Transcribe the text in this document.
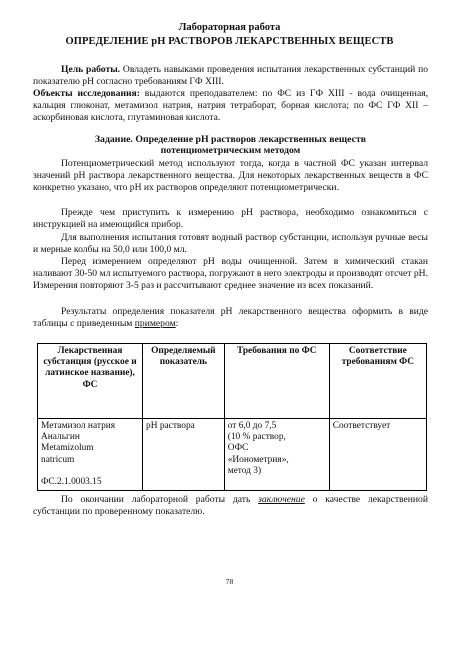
Лабораторная работа
ОПРЕДЕЛЕНИЕ рН РАСТВОРОВ ЛЕКАРСТВЕННЫХ ВЕЩЕСТВ
Цель работы. Овладеть навыками проведения испытания лекарственных субстанций по показателю рН согласно требованиям ГФ XIII.
Объекты исследования: выдаются преподавателем: по ФС из ГФ XIII - вода очищенная, кальция глюконат, метамизол натрия, натрия тетраборат, борная кислота; по ФС ГФ XII – аскорбиновая кислота, глутаминовая кислота.
Задание. Определение рН растворов лекарственных веществ
потенциометрическим методом
Потенциометрический метод используют тогда, когда в частной ФС указан интервал значений рН раствора лекарственного вещества. Для некоторых лекарственных веществ в ФС конкретно указано, что рН их растворов определяют потенциометрически.
Прежде чем приступить к измерению рН раствора, необходимо ознакомиться с инструкцией на имеющийся прибор.
Для выполнения испытания готовят водный раствор субстанции, используя ручные весы и мерные колбы на 50,0 или 100,0 мл.
Перед измерением определяют рН воды очищенной. Затем в химический стакан наливают 30-50 мл испытуемого раствора, погружают в него электроды и производят отсчет рН. Измерения повторяют 3-5 раз и рассчитывают среднее значение из всех показаний.
Результаты определения показателя рН лекарственного вещества оформить в виде таблицы с приведенным примером:
Лекарственная субстанция (русское и латинское название), ФС	Определяемый показатель	Требования по ФС	Соответствие требованиям ФС

Метамизол натрия
Анальгин
Metamizolum
natricum
ФС.2.1.0003.15	рН раствора	от 6,0 до 7,5
(10 % раствор,
ОФС
«Ионометрия»,
метод 3)	Соответствует
По окончании лабораторной работы дать заключение о качестве лекарственной субстанции по проверенному показателю.
78
